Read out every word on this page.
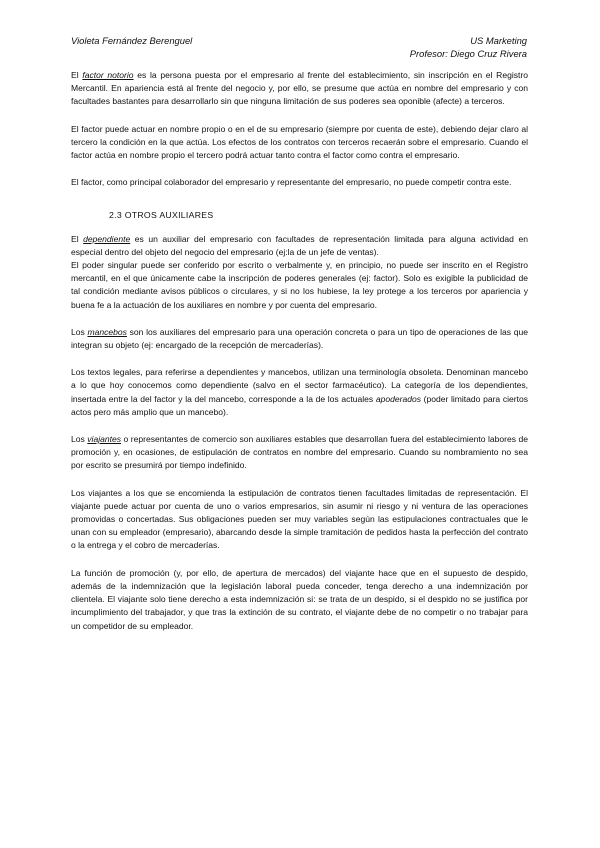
Violeta Fernández Berenguel	US Marketing
Profesor: Diego Cruz Rivera

El factor notorio es la persona puesta por el empresario al frente del establecimiento, sin inscripción en el Registro Mercantil. En apariencia está al frente del negocio y, por ello, se presume que actúa en nombre del empresario y con facultades bastantes para desarrollarlo sin que ninguna limitación de sus poderes sea oponible (afecte) a terceros.

El factor puede actuar en nombre propio o en el de su empresario (siempre por cuenta de este), debiendo dejar claro al tercero la condición en la que actúa. Los efectos de los contratos con terceros recaerán sobre el empresario. Cuando el factor actúa en nombre propio el tercero podrá actuar tanto contra el factor como contra el empresario.

El factor, como principal colaborador del empresario y representante del empresario, no puede competir contra este.

2.3 OTROS AUXILIARES

El dependiente es un auxiliar del empresario con facultades de representación limitada para alguna actividad en especial dentro del objeto del negocio del empresario (ej:la de un jefe de ventas).

El poder singular puede ser conferido por escrito o verbalmente y, en principio, no puede ser inscrito en el Registro mercantil, en el que únicamente cabe la inscripción de poderes generales (ej: factor). Solo es exigible la publicidad de tal condición mediante avisos públicos o circulares, y si no los hubiese, la ley protege a los terceros por apariencia y buena fe a la actuación de los auxiliares en nombre y por cuenta del empresario.

Los mancebos son los auxiliares del empresario para una operación concreta o para un tipo de operaciones de las que integran su objeto (ej: encargado de la recepción de mercaderías).

Los textos legales, para referirse a dependientes y mancebos, utilizan una terminología obsoleta. Denominan mancebo a lo que hoy conocemos como dependiente (salvo en el sector farmacéutico). La categoría de los dependientes, insertada entre la del factor y la del mancebo, corresponde a la de los actuales apoderados (poder limitado para ciertos actos pero más amplio que un mancebo).

Los viajantes o representantes de comercio son auxiliares estables que desarrollan fuera del establecimiento labores de promoción y, en ocasiones, de estipulación de contratos en nombre del empresario. Cuando su nombramiento no sea por escrito se presumirá por tiempo indefinido.

Los viajantes a los que se encomienda la estipulación de contratos tienen facultades limitadas de representación. El viajante puede actuar por cuenta de uno o varios empresarios, sin asumir ni riesgo y ni ventura de las operaciones promovidas o concertadas. Sus obligaciones pueden ser muy variables según las estipulaciones contractuales que le unan con su empleador (empresario), abarcando desde la simple tramitación de pedidos hasta la perfección del contrato o la entrega y el cobro de mercaderías.

La función de promoción (y, por ello, de apertura de mercados) del viajante hace que en el supuesto de despido, además de la indemnización que la legislación laboral pueda conceder, tenga derecho a una indemnización por clientela. El viajante solo tiene derecho a esta indemnización si: se trata de un despido, si el despido no se justifica por incumplimiento del trabajador, y que tras la extinción de su contrato, el viajante debe de no competir o no trabajar para un competidor de su empleador.
